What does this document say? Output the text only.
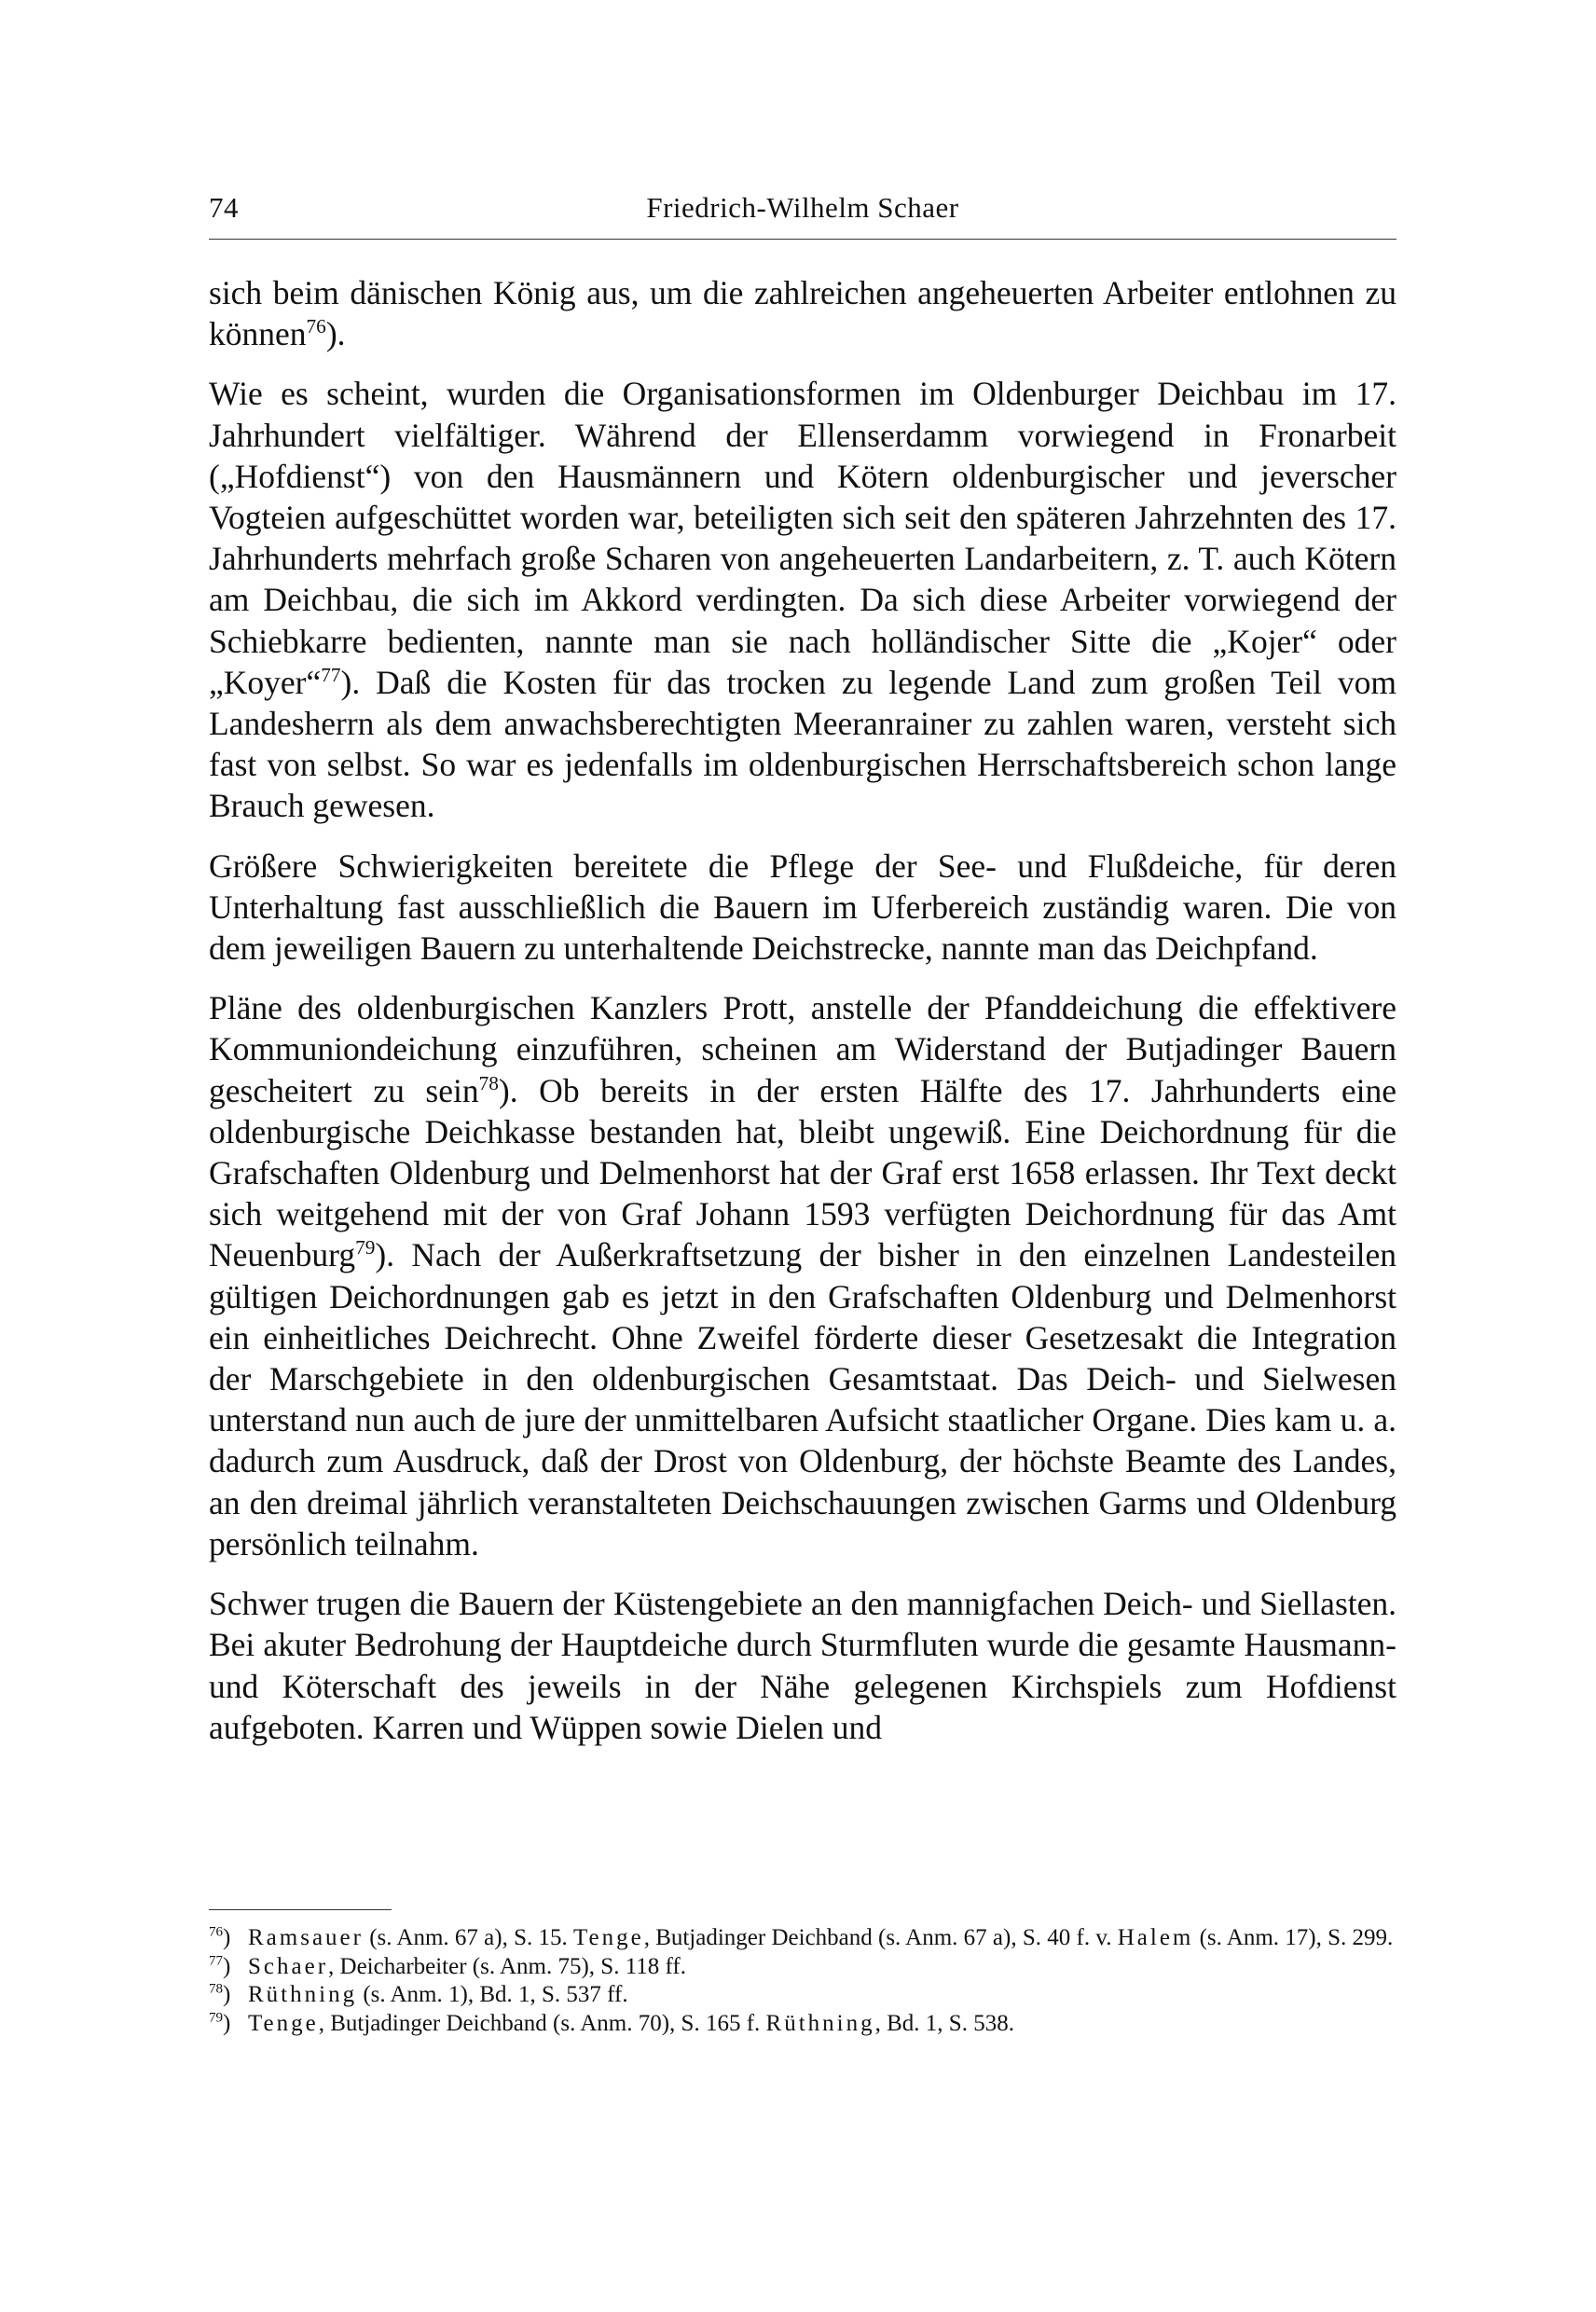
74	Friedrich-Wilhelm Schaer

sich beim dänischen König aus, um die zahlreichen angeheuerten Arbeiter entlohnen zu können$^{76}$).

Wie es scheint, wurden die Organisationsformen im Oldenburger Deichbau im 17. Jahrhundert vielfältiger. Während der Ellenserdamm vorwiegend in Fronarbeit („Hofdienst“) von den Hausmännern und Kötern oldenburgischer und jeverscher Vogteien aufgeschüttet worden war, beteiligten sich seit den späteren Jahrzehnten des 17. Jahrhunderts mehrfach große Scharen von angeheuerten Landarbeitern, z. T. auch Kötern am Deichbau, die sich im Akkord verdingten. Da sich diese Arbeiter vorwiegend der Schiebkarre bedienten, nannte man sie nach holländischer Sitte die „Kojer“ oder „Koyer“$^{77}$). Daß die Kosten für das trocken zu legende Land zum großen Teil vom Landesherrn als dem anwachsberechtigten Meeranrainer zu zahlen waren, versteht sich fast von selbst. So war es jedenfalls im oldenburgischen Herrschaftsbereich schon lange Brauch gewesen.

Größere Schwierigkeiten bereitete die Pflege der See- und Flußdeiche, für deren Unterhaltung fast ausschließlich die Bauern im Uferbereich zuständig waren. Die von dem jeweiligen Bauern zu unterhaltende Deichstrecke, nannte man das Deichpfand.

Pläne des oldenburgischen Kanzlers Prott, anstelle der Pfanddeichung die effektivere Kommuniondeichung einzuführen, scheinen am Widerstand der Butjadinger Bauern gescheitert zu sein$^{78}$). Ob bereits in der ersten Hälfte des 17. Jahrhunderts eine oldenburgische Deichkasse bestanden hat, bleibt ungewiß. Eine Deichordnung für die Grafschaften Oldenburg und Delmenhorst hat der Graf erst 1658 erlassen. Ihr Text deckt sich weitgehend mit der von Graf Johann 1593 verfügten Deichordnung für das Amt Neuenburg$^{79}$). Nach der Außerkraftsetzung der bisher in den einzelnen Landesteilen gültigen Deichordnungen gab es jetzt in den Grafschaften Oldenburg und Delmenhorst ein einheitliches Deichrecht. Ohne Zweifel förderte dieser Gesetzesakt die Integration der Marschgebiete in den oldenburgischen Gesamtstaat. Das Deich- und Sielwesen unterstand nun auch de jure der unmittelbaren Aufsicht staatlicher Organe. Dies kam u. a. dadurch zum Ausdruck, daß der Drost von Oldenburg, der höchste Beamte des Landes, an den dreimal jährlich veranstalteten Deichschauungen zwischen Garms und Oldenburg persönlich teilnahm.

Schwer trugen die Bauern der Küstengebiete an den mannigfachen Deich- und Siellasten. Bei akuter Bedrohung der Hauptdeiche durch Sturmfluten wurde die gesamte Hausmann- und Köterschaft des jeweils in der Nähe gelegenen Kirchspiels zum Hofdienst aufgeboten. Karren und Wüppen sowie Dielen und

$^{76}$) Ramsauer (s. Anm. 67 a), S. 15. Tenge, Butjadinger Deichband (s. Anm. 67 a), S. 40 f. v. Halem (s. Anm. 17), S. 299.
$^{77}$) Schaer, Deicharbeiter (s. Anm. 75), S. 118 ff.
$^{78}$) Rüthning (s. Anm. 1), Bd. 1, S. 537 ff.
$^{79}$) Tenge, Butjadinger Deichband (s. Anm. 70), S. 165 f. Rüthning, Bd. 1, S. 538.
